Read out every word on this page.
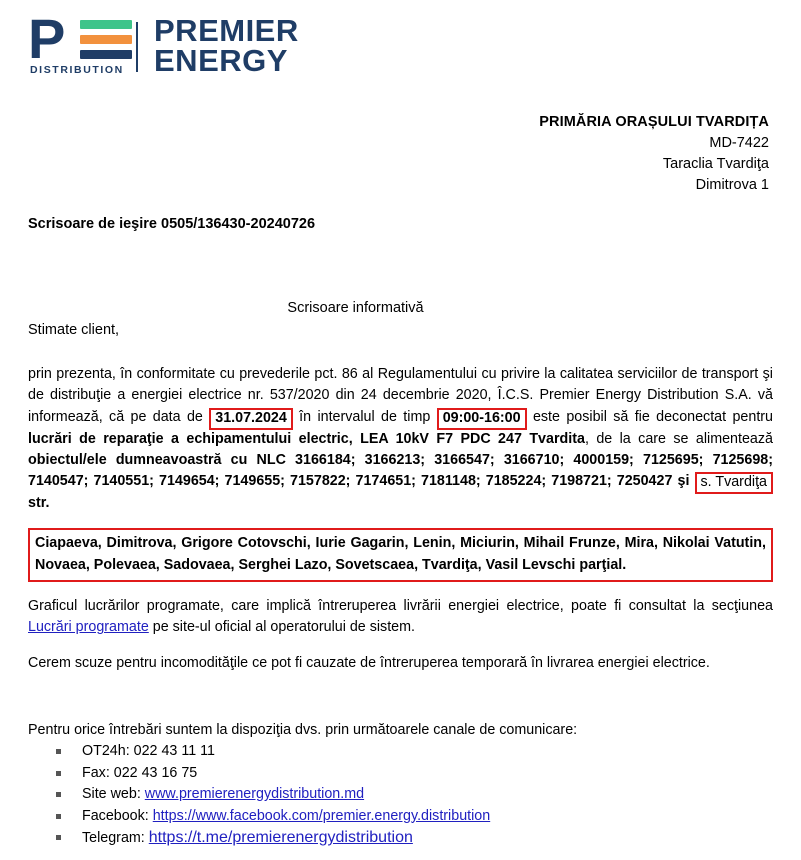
P
DISTRIBUTION
PREMIER
ENERGY
PRIMĂRIA ORAȘULUI TVARDIȚA
MD-7422
Taraclia Tvardiţa
Dimitrova 1
Scrisoare de ieşire 0505/136430-20240726
Scrisoare informativă
Stimate client,

prin prezenta, în conformitate cu prevederile pct. 86 al Regulamentului cu privire la calitatea serviciilor de transport şi de distribuţie a energiei electrice nr. 537/2020 din 24 decembrie 2020, Î.C.S. Premier Energy Distribution S.A. vă informează, că pe data de 31.07.2024 în intervalul de timp 09:00-16:00 este posibil să fie deconectat pentru lucrări de reparaţie a echipamentului electric, LEA 10kV F7 PDC 247 Tvardita, de la care se alimentează obiectul/ele dumneavoastră cu NLC 3166184; 3166213; 3166547; 3166710; 4000159; 7125695; 7125698; 7140547; 7140551; 7149654; 7149655; 7157822; 7174651; 7181148; 7185224; 7198721; 7250427 şi s. Tvardiţa str.

Ciapaeva, Dimitrova, Grigore Cotovschi, Iurie Gagarin, Lenin, Miciurin, Mihail Frunze, Mira, Nikolai Vatutin, Novaea, Polevaea, Sadovaea, Serghei Lazo, Sovetscaea, Tvardiţa, Vasil Levschi parţial.

Graficul lucrărilor programate, care implică întreruperea livrării energiei electrice, poate fi consultat la secţiunea Lucrări programate pe site-ul oficial al operatorului de sistem.

Cerem scuze pentru incomodităţile ce pot fi cauzate de întreruperea temporară în livrarea energiei electrice.

Pentru orice întrebări suntem la dispoziţia dvs. prin următoarele canale de comunicare:

OT24h: 022 43 11 11
Fax: 022 43 16 75
Site web: www.premierenergydistribution.md
Facebook: https://www.facebook.com/premier.energy.distribution
Telegram: https://t.me/premierenergydistribution
